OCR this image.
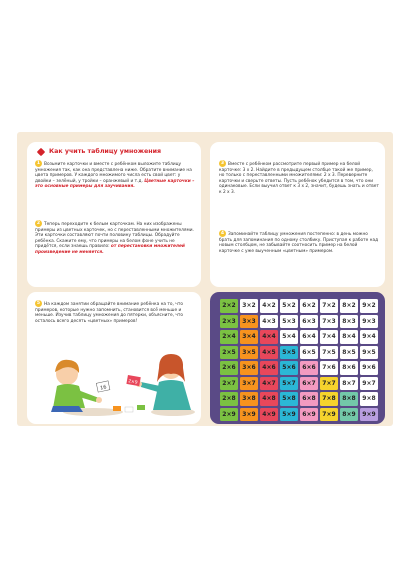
Как учить таблицу умножения
1 Возьмите карточки и вместе с ребёнком выложите таблицу умножения так, как она представлена ниже. Обратите внимание на цвета примеров. У каждого множимого числа есть свой цвет: у двойки – зелёный, у тройки – оранжевый и т.д. Цветные карточки – это основные примеры для заучивания.
2 Теперь переходите к белым карточкам. На них изображены примеры из цветных карточек, но с переставленными множителями. Эти карточки составляют почти половину таблицы. Обрадуйте ребёнка. Скажите ему, что примеры на белом фоне учить не придётся, если знаешь правило: от перестановки множителей произведение не меняется.
3 Вместе с ребёнком рассмотрите первый пример на белой карточке: 3 x 2. Найдите в предыдущем столбце такой же пример, но только с переставленными множителями: 2 x 3. Переверните карточки и сверьте ответы. Пусть ребёнок убедится в том, что они одинаковые. Если выучил ответ к 3 x 2, значит, будешь знать и ответ к 2 x 3.
4 Запоминайте таблицу умножения постепенно: в день можно брать для запоминания по одному столбику. Приступая к работе над новым столбцом, не забывайте соотносить пример на белой карточке с уже выученным «цветным» примером.
5 На каждом занятии обращайте внимание ребёнка на то, что примеров, которые нужно запомнить, становится всё меньше и меньше. Изучив таблицу умножения до пятерки, объясните, что осталось всего десять «цветных» примеров!
16
2×9
2×2	3×2	4×2	5×2	6×2	7×2	8×2	9×2
2×3	3×3	4×3	5×3	6×3	7×3	8×3	9×3
2×4	3×4	4×4	5×4	6×4	7×4	8×4	9×4
2×5	3×5	4×5	5×5	6×5	7×5	8×5	9×5
2×6	3×6	4×6	5×6	6×6	7×6	8×6	9×6
2×7	3×7	4×7	5×7	6×7	7×7	8×7	9×7
2×8	3×8	4×8	5×8	6×8	7×8	8×8	9×8
2×9	3×9	4×9	5×9	6×9	7×9	8×9	9×9
